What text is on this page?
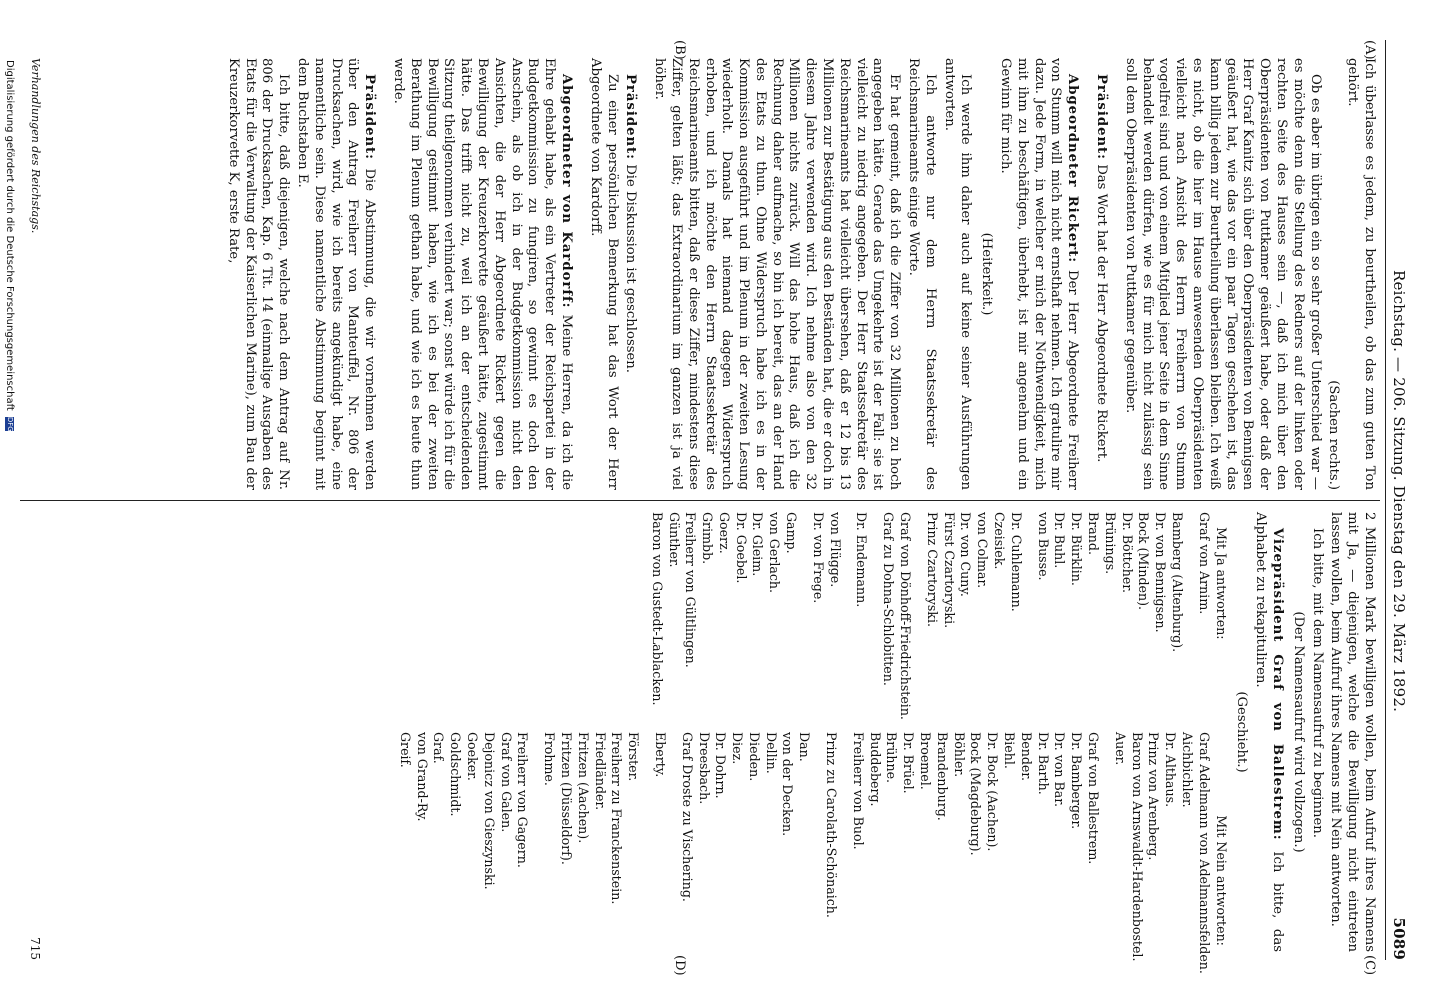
Reichstag. — 206. Sitzung. Dienstag den 29. März 1892.
5089
(A)
(B)
(C)
(D)

Ich überlasse es jedem, zu beurtheilen, ob das zum guten Ton gehört.

(Sachen rechts.)

Ob es aber im übrigen ein so sehr großer Unterschied war — es möchte denn die Stellung des Redners auf der linken oder rechten Seite des Hauses sein —, daß ich mich über den Oberpräsidenten von Puttkamer geäußert habe, oder daß der Herr Graf Kanitz sich über den Oberpräsidenten von Bennigsen geäußert hat, wie das vor ein paar Tagen geschehen ist, das kann billig jedem zur Beurtheilung überlassen bleiben. Ich weiß es nicht, ob die hier im Hause anwesenden Oberpräsidenten vielleicht nach Ansicht des Herrn Freiherrn von Stumm vogelfrei sind und von einem Mitglied jener Seite in dem Sinne behandelt werden dürfen, wie es für mich nicht zulässig sein soll dem Oberpräsidenten von Puttkamer gegenüber.

Präsident: Das Wort hat der Herr Abgeordnete Rickert.

Abgeordneter Rickert: Der Herr Abgeordnete Freiherr von Stumm will mich nicht ernsthaft nehmen. Ich gratulire mir dazu. Jede Form, in welcher er mich der Nothwendigkeit, mich mit ihm zu beschäftigen, überhebt, ist mir angenehm und ein Gewinn für mich.

(Heiterkeit.)

Ich werde ihm daher auch auf keine seiner Ausführungen antworten.

Ich antworte nur dem Herrn Staatssekretär des Reichsmarineamts einige Worte.

Er hat gemeint, daß ich die Ziffer von 32 Millionen zu hoch angegeben hätte. Gerade das Umgekehrte ist der Fall: sie ist vielleicht zu niedrig angegeben. Der Herr Staatssekretär des Reichsmarineamts hat vielleicht übersehen, daß er 12 bis 13 Millionen zur Bestätigung aus den Beständen hat, die er doch in diesem Jahre verwenden wird. Ich nehme also von den 32 Millionen nichts zurück. Will das hohe Haus, daß ich die Rechnung daher aufmache, so bin ich bereit, das an der Hand des Etats zu thun. Ohne Widerspruch habe ich es in der Kommission ausgeführt und im Plenum in der zweiten Lesung wiederholt. Damals hat niemand dagegen Widerspruch erhoben, und ich möchte den Herrn Staatssekretär des Reichsmarineamts bitten, daß er diese Ziffer, mindestens diese Ziffer, gelten läßt; das Extraordinarium im ganzen ist ja viel höher.

Präsident: Die Diskussion ist geschlossen.

Zu einer persönlichen Bemerkung hat das Wort der Herr Abgeordnete von Kardorff.

Abgeordneter von Kardorff: Meine Herren, da ich die Ehre gehabt habe, als ein Vertreter der Reichspartei in der Budgetkommission zu fungiren, so gewinnt es doch den Anschein, als ob ich in der Budgetkommission nicht den Ansichten, die der Herr Abgeordnete Rickert gegen die Bewilligung der Kreuzerkorvette geäußert hätte, zugestimmt hätte. Das trifft nicht zu, weil ich an der entscheidenden Sitzung theilgenommen verhindert war; sonst würde ich für die Bewilligung gestimmt haben, wie ich es bei der zweiten Berathung im Plenum gethan habe, und wie ich es heute thun werde.

Präsident: Die Abstimmung, die wir vornehmen werden über den Antrag Freiherr von Manteuffel, Nr. 806 der Drucksachen, wird, wie ich bereits angekündigt habe, eine namentliche sein. Diese namentliche Abstimmung beginnt mit dem Buchstaben E.

Ich bitte, daß diejenigen, welche nach dem Antrag auf Nr. 806 der Drucksachen, Kap. 6 Tit. 14 (einmalige Ausgaben des Etats für die Verwaltung der Kaiserlichen Marine), zum Bau der Kreuzerkorvette K, erste Rate,

Verhandlungen des Reichstags.

2 Millionen Mark bewilligen wollen, beim Aufruf ihres Namens mit Ja, — diejenigen, welche die Bewilligung nicht eintreten lassen wollen, beim Aufruf ihres Namens mit Nein antworten.

Ich bitte, mit dem Namensaufruf zu beginnen.

(Der Namensaufruf wird vollzogen.)

Vizepräsident Graf von Ballestrem: Ich bitte, das Alphabet zu rekapituliren.

(Geschieht.)
Mit Ja antworten:
Mit Nein antworten:
Graf von Arnim.
Bamberg (Altenburg).
Dr. von Bennigsen.
Bock (Minden).
Dr. Böttcher.
Brünings.
Brand.
Dr. Bürklin.
Dr. Buhl.
von Busse.
Dr. Cuhlemann.
Czeisiek.
von Colmar.
Dr. von Cuny.
Fürst Czartoryski.
Prinz Czartoryski.
Graf von Dönhoff-Friedrichstein.
Graf zu Dohna-Schlobitten.
Dr. Endemann.
von Flügge.
Dr. von Frege.
Gamp.
von Gerlach.
Dr. Gleim.
Dr. Goebel.
Goerz.
Grimbb.
Freiherr von Gültlingen.
Günther.
Baron von Gustedt-Lablacken.
Graf Adelmann von Adelmannsfelden.
Aichbichler.
Dr. Althaus.
Prinz von Arenberg.
Baron von Arnswaldt-Hardenbostel.
Auer.
Graf von Ballestrem.
Dr. Bamberger.
Dr. von Bar.
Dr. Barth.
Bender.
Biehl.
Dr. Bock (Aachen).
Bock (Magdeburg).
Böhler.
Brandenburg.
Broemel.
Dr. Brüel.
Brühne.
Buddeberg.
Freiherr von Buol.
Prinz zu Carolath-Schönaich.
Dan.
von der Decken.
Dellin.
Dieden.
Diez.
Dr. Dohrn.
Dreesbach.
Graf Droste zu Vischering.
Eberty.
Förster.
Freiherr zu Franckenstein.
Friedländer.
Fritzen (Aachen).
Fritzen (Düsseldorf).
Frohme.
Freiherr von Gagern.
Graf von Galen.
Dejonicz von Gieszynski.
Goeker.
Goldschmidt.
Graf.
von Grand-Ry.
Greif.
715
Digitalisierung gefördert durch die Deutsche ForschungsgemeinschaftDFG
